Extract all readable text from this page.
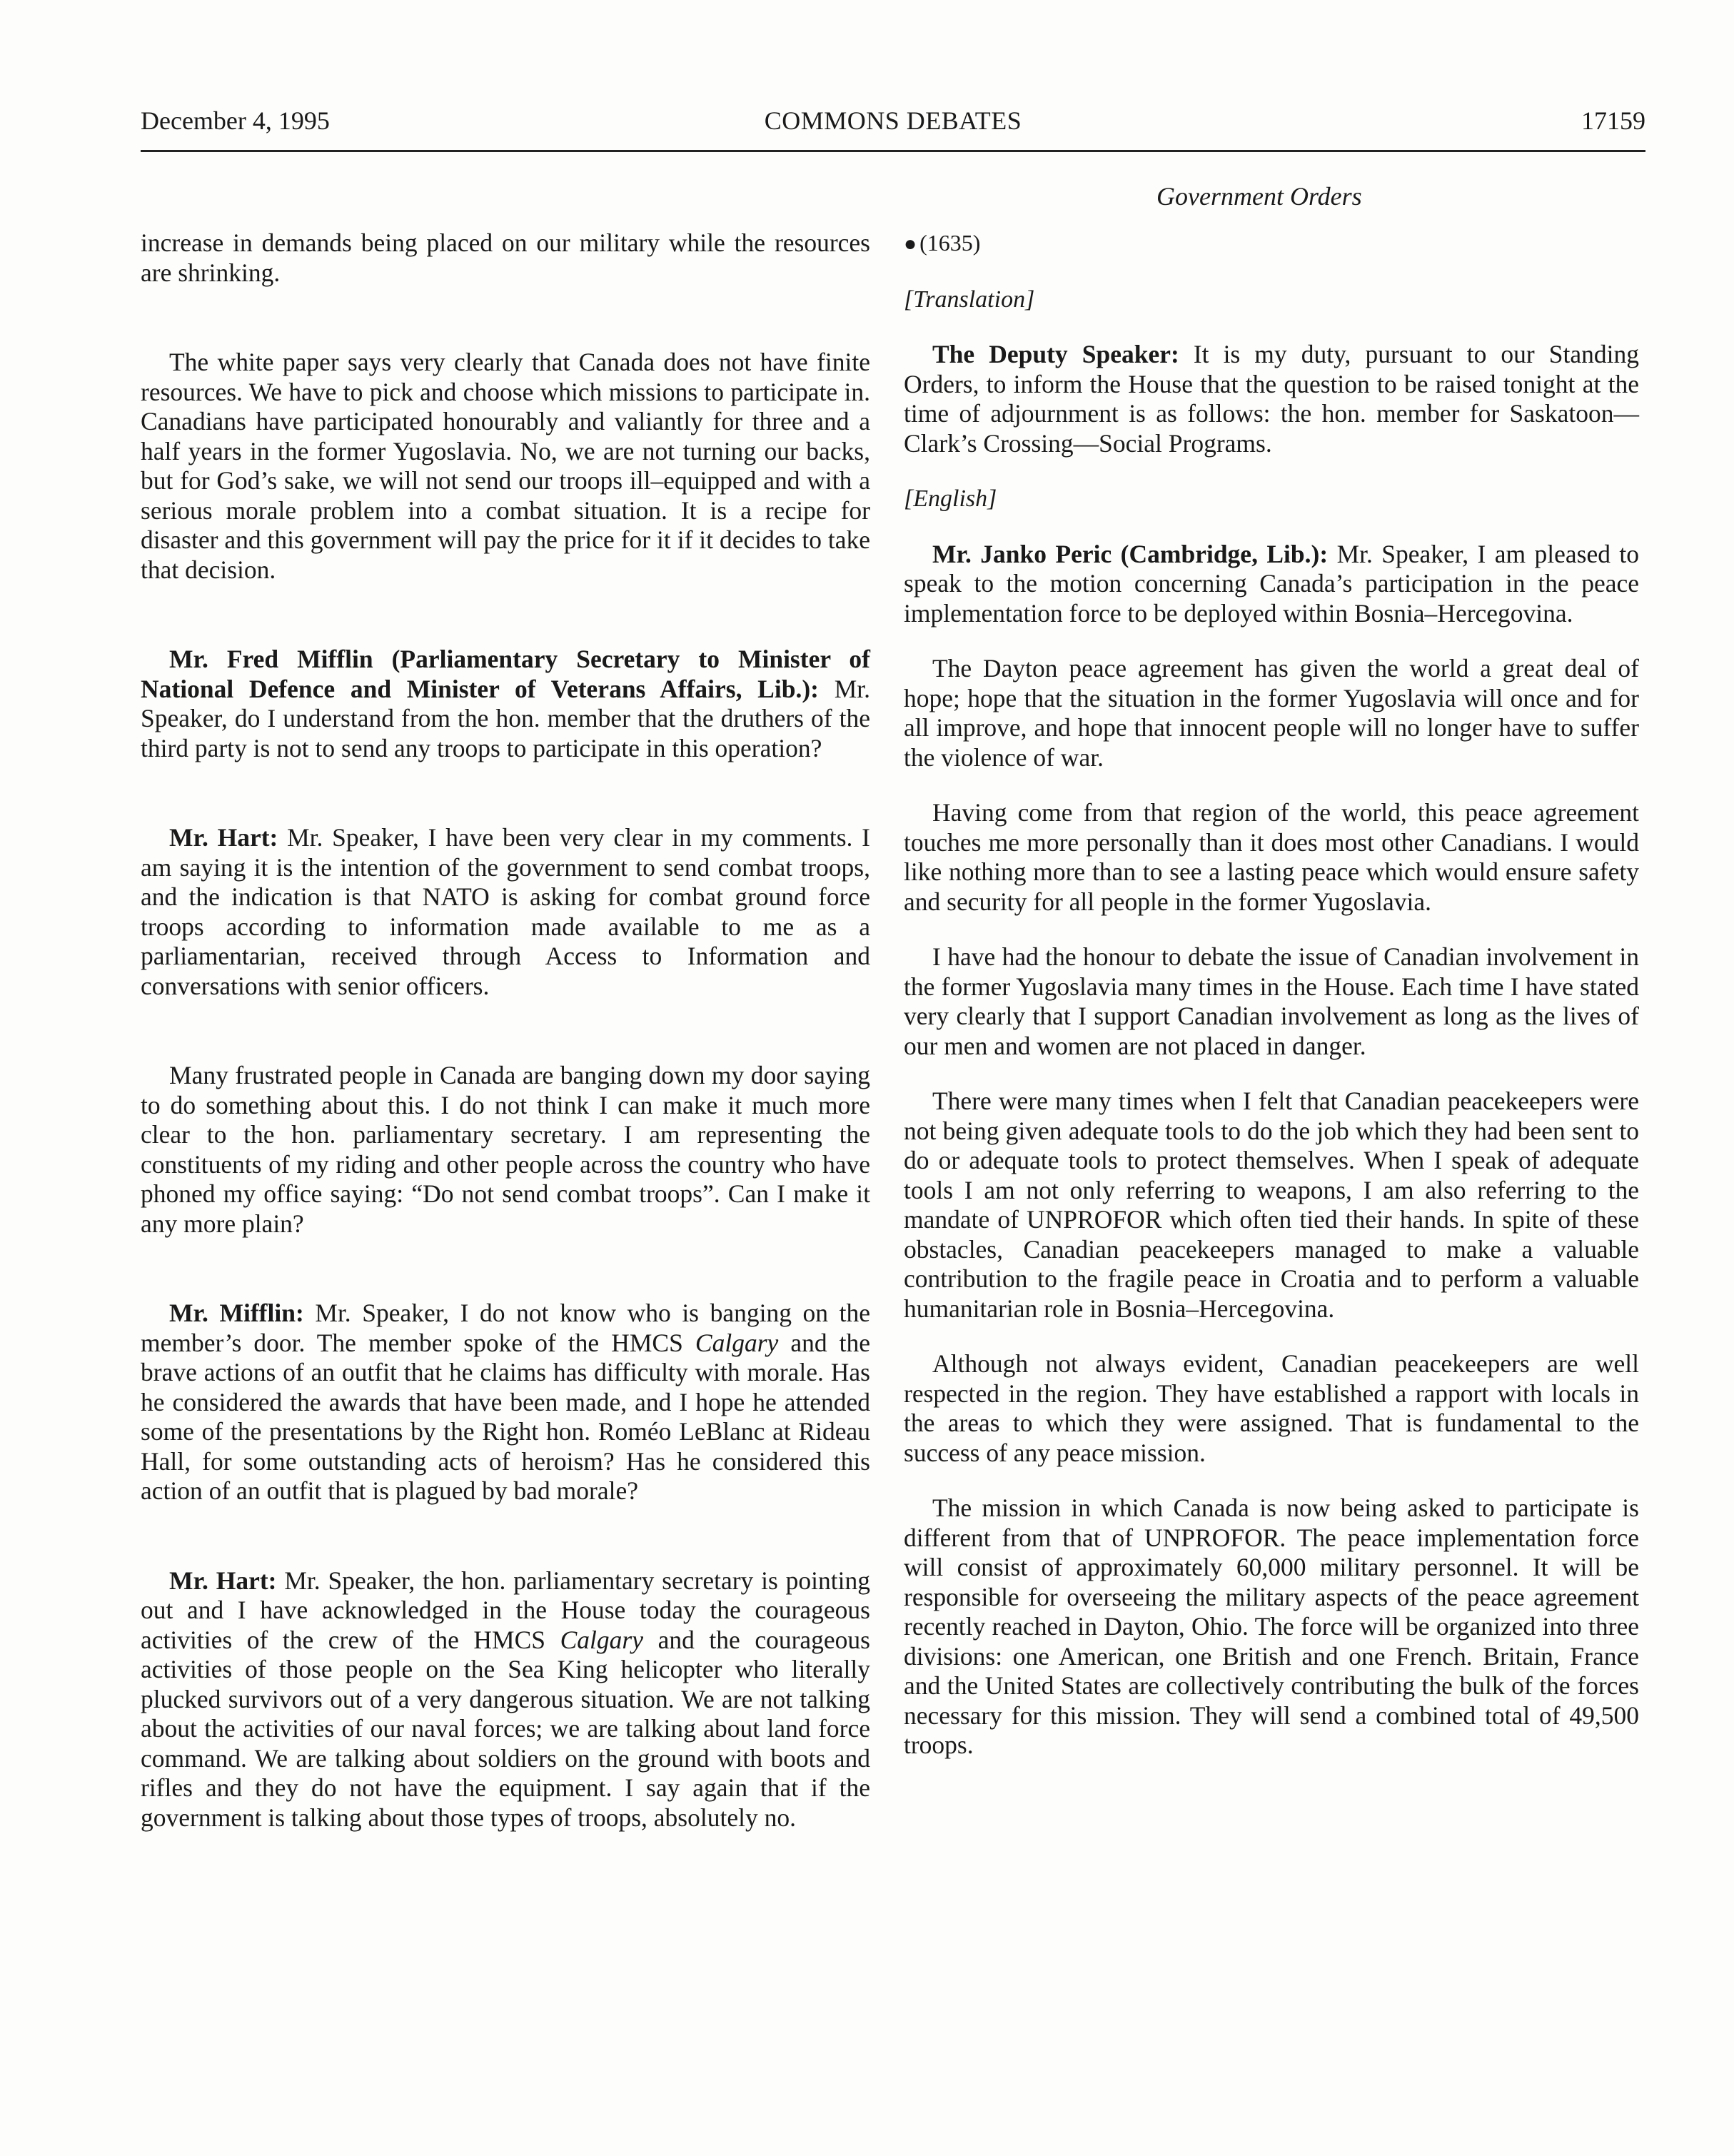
December 4, 1995	COMMONS DEBATES	17159
Government Orders

increase in demands being placed on our military while the resources are shrinking.

The white paper says very clearly that Canada does not have finite resources. We have to pick and choose which missions to participate in. Canadians have participated honourably and valiantly for three and a half years in the former Yugoslavia. No, we are not turning our backs, but for God’s sake, we will not send our troops ill–equipped and with a serious morale problem into a combat situation. It is a recipe for disaster and this government will pay the price for it if it decides to take that decision.

Mr. Fred Mifflin (Parliamentary Secretary to Minister of National Defence and Minister of Veterans Affairs, Lib.): Mr. Speaker, do I understand from the hon. member that the druthers of the third party is not to send any troops to participate in this operation?

Mr. Hart: Mr. Speaker, I have been very clear in my comments. I am saying it is the intention of the government to send combat troops, and the indication is that NATO is asking for combat ground force troops according to information made available to me as a parliamentarian, received through Access to Information and conversations with senior officers.

Many frustrated people in Canada are banging down my door saying to do something about this. I do not think I can make it much more clear to the hon. parliamentary secretary. I am representing the constituents of my riding and other people across the country who have phoned my office saying: “Do not send combat troops”. Can I make it any more plain?

Mr. Mifflin: Mr. Speaker, I do not know who is banging on the member’s door. The member spoke of the HMCS Calgary and the brave actions of an outfit that he claims has difficulty with morale. Has he considered the awards that have been made, and I hope he attended some of the presentations by the Right hon. Roméo LeBlanc at Rideau Hall, for some outstanding acts of heroism? Has he considered this action of an outfit that is plagued by bad morale?

Mr. Hart: Mr. Speaker, the hon. parliamentary secretary is pointing out and I have acknowledged in the House today the courageous activities of the crew of the HMCS Calgary and the courageous activities of those people on the Sea King helicopter who literally plucked survivors out of a very dangerous situation. We are not talking about the activities of our naval forces; we are talking about land force command. We are talking about soldiers on the ground with boots and rifles and they do not have the equipment. I say again that if the government is talking about those types of troops, absolutely no.

● (1635)

[Translation]

The Deputy Speaker: It is my duty, pursuant to our Standing Orders, to inform the House that the question to be raised tonight at the time of adjournment is as follows: the hon. member for Saskatoon—Clark’s Crossing—Social Programs.

[English]

Mr. Janko Peric (Cambridge, Lib.): Mr. Speaker, I am pleased to speak to the motion concerning Canada’s participation in the peace implementation force to be deployed within Bosnia–Hercegovina.

The Dayton peace agreement has given the world a great deal of hope; hope that the situation in the former Yugoslavia will once and for all improve, and hope that innocent people will no longer have to suffer the violence of war.

Having come from that region of the world, this peace agreement touches me more personally than it does most other Canadians. I would like nothing more than to see a lasting peace which would ensure safety and security for all people in the former Yugoslavia.

I have had the honour to debate the issue of Canadian involvement in the former Yugoslavia many times in the House. Each time I have stated very clearly that I support Canadian involvement as long as the lives of our men and women are not placed in danger.

There were many times when I felt that Canadian peacekeepers were not being given adequate tools to do the job which they had been sent to do or adequate tools to protect themselves. When I speak of adequate tools I am not only referring to weapons, I am also referring to the mandate of UNPROFOR which often tied their hands. In spite of these obstacles, Canadian peacekeepers managed to make a valuable contribution to the fragile peace in Croatia and to perform a valuable humanitarian role in Bosnia–Hercegovina.

Although not always evident, Canadian peacekeepers are well respected in the region. They have established a rapport with locals in the areas to which they were assigned. That is fundamental to the success of any peace mission.

The mission in which Canada is now being asked to participate is different from that of UNPROFOR. The peace implementation force will consist of approximately 60,000 military personnel. It will be responsible for overseeing the military aspects of the peace agreement recently reached in Dayton, Ohio. The force will be organized into three divisions: one American, one British and one French. Britain, France and the United States are collectively contributing the bulk of the forces necessary for this mission. They will send a combined total of 49,500 troops.
